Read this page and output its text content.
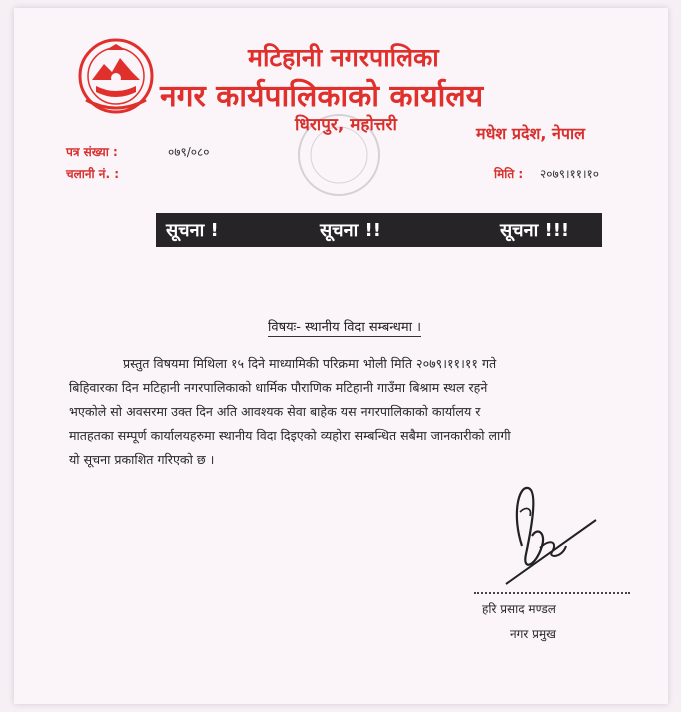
मटिहानी नगरपालिका
नगर कार्यपालिकाको कार्यालय
धिरापुर, महोत्तरी	मधेश प्रदेश, नेपाल
पत्र संख्या :	०७९/०८०
चलानी नं. :	मिति : २०७९।११।१०
सूचना !	सूचना !!	सूचना !!!
विषयः- स्थानीय विदा सम्बन्धमा ।
प्रस्तुत विषयमा मिथिला १५ दिने माध्यामिकी परिक्रमा भोली मिति २०७९।११।११ गते
बिहिवारका दिन मटिहानी नगरपालिकाको धार्मिक पौराणिक मटिहानी गाउँमा बिश्राम स्थल रहने
भएकोले सो अवसरमा उक्त दिन अति आवश्यक सेवा बाहेक यस नगरपालिकाको कार्यालय र
मातहतका सम्पूर्ण कार्यालयहरुमा स्थानीय विदा दिइएको व्यहोरा सम्बन्धित सबैमा जानकारीको लागी
यो सूचना प्रकाशित गरिएको छ ।
हरि प्रसाद मण्डल
नगर प्रमुख
